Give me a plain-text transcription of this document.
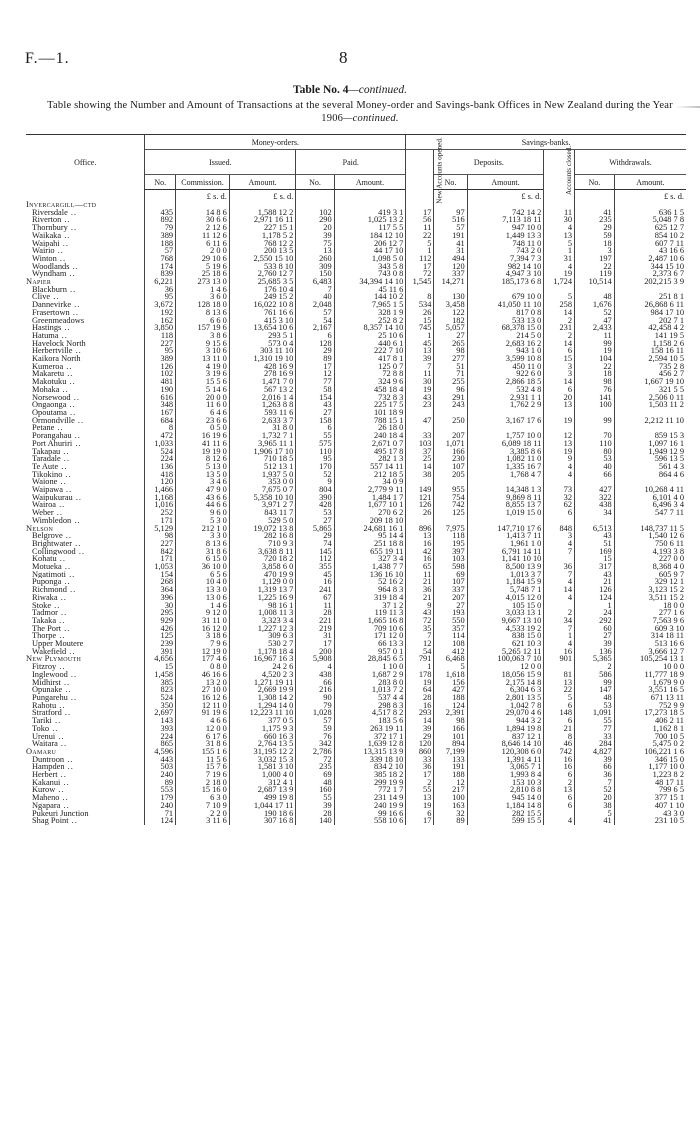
F.—1.	8
Table No. 4—continued.
Table showing the Number and Amount of Transactions at the several Money-order and Savings-bank Offices in New Zealand during the Year 1906—continued.
Office.	Money-orders.					Savings-banks.					
	Issued.			Paid.		New Accounts opened.	Deposits.		Accounts closed.	Withdrawals.	
	No.	Commission.	Amount.	No.	Amount.		No.	Amount.		No.	Amount.
		£ s. d.	£ s. d.					£ s. d.			£ s. d.
Invercargill—ctd											
Riversdale ..	435	14 8 6	1,588 12 2	102	419 3 1	17	97	742 14 2	11	41	636 1 5
Riverton ..	892	30 6 6	2,971 16 11	290	1,025 13 2	56	516	7,113 18 11	30	235	5,048 7 8
Thornbury ..	79	2 12 6	227 15 1	20	117 5 5	11	57	947 10 0	4	29	625 12 7
Waikaka ..	389	11 12 6	1,178 5 2	39	184 12 10	22	191	1,449 13 3	13	59	854 10 2
Waipahi ..	188	6 11 6	768 12 2	75	206 12 7	5	41	748 11 0	5	18	607 7 11
Wairio ..	57	2 0 0	200 13 5	13	44 17 10	1	31	743 2 0	1	3	43 16 6
Winton ..	768	29 10 6	2,550 15 10	260	1,098 5 0	112	494	7,394 7 3	31	197	2,487 10 6
Woodlands ..	174	5 19 6	533 8 10	309	343 5 8	17	120	982 14 10	4	22	344 15 10
Wyndham ..	839	25 18 6	2,760 12 7	150	743 0 8	72	337	4,947 3 10	19	119	2,373 6 7
Napier	6,221	273 13 0	25,685 3 5	6,483	34,394 14 10	1,545	14,271	185,173 6 8	1,724	10,514	202,215 3 9
Blackburn ..	36	1 4 6	176 10 4	7	45 11 6						
Clive ..	95	3 6 0	249 15 2	40	144 10 2	8	130	679 10 0	5	48	251 8 1
Dannevirke ..	3,672	128 18 0	16,022 10 8	2,048	7,965 1 5	534	3,458	41,050 11 10	258	1,676	26,868 6 11
Frasertown ..	192	8 13 6	761 16 6	57	328 1 9	26	122	817 0 8	14	52	984 17 10
Greenmeadows	162	6 6 0	415 3 10	54	252 8 2	15	182	533 13 0	2	47	202 7 1
Hastings ..	3,850	157 19 6	13,654 10 6	2,167	8,357 14 10	745	5,057	68,378 15 0	231	2,433	42,458 4 2
Hatuma ..	118	3 8 6	293 5 1	6	25 10 6	1	27	214 5 0	2	11	141 19 5
Havelock North	227	9 15 6	573 0 4	128	440 6 1	45	265	2,683 16 2	14	99	1,158 2 6
Herbertville ..	95	3 10 6	303 11 10	29	222 7 10	13	98	943 1 0	6	19	158 16 11
Kaikora North	389	13 11 0	1,310 19 10	89	417 8 1	39	277	3,599 10 8	15	104	2,594 10 5
Kumeroa ..	126	4 19 0	428 16 9	17	125 0 7	7	51	450 11 0	3	22	735 2 8
Makaretu ..	102	3 19 6	278 16 9	12	72 8 8	11	71	922 6 0	3	18	456 2 7
Makotuku ..	481	15 5 6	1,471 7 0	77	324 9 6	30	255	2,866 18 5	14	98	1,667 19 10
Mohaka ..	190	5 14 6	567 13 2	58	458 18 4	19	96	532 4 8	6	76	321 5 5
Norsewood ..	616	20 0 0	2,016 1 4	154	732 8 3	43	291	2,931 1 1	20	141	2,506 0 11
Ongaonga ..	348	11 6 0	1,263 8 8	43	225 17 5	23	243	1,762 2 9	13	100	1,503 11 2
Opoutama ..	167	6 4 6	593 11 6	27	101 18 9						
Ormondville ..	684	23 6 6	2,633 3 7	158	788 15 1	47	250	3,167 17 6	19	99	2,212 11 10
Petane ..	8	0 5 0	31 8 0	6	26 18 0						
Porangahau ..	472	16 19 6	1,732 7 1	55	240 18 4	33	207	1,757 10 0	12	70	859 15 3
Port Ahuriri ..	1,033	41 11 6	3,965 11 1	575	2,671 0 7	103	1,071	6,089 18 11	13	110	1,097 16 1
Takapau ..	524	19 19 0	1,906 17 10	110	495 17 8	37	166	3,385 8 6	19	80	1,949 12 9
Taradale ..	224	8 12 6	710 18 5	95	282 1 3	25	230	1,082 11 0	9	53	596 13 5
Te Aute ..	136	5 13 0	512 13 1	170	557 14 11	14	107	1,335 16 7	4	40	561 4 3
Tikokino ..	418	13 5 0	1,937 5 0	52	212 18 5	38	205	1,768 4 7	4	66	864 4 6
Waione ..	120	3 4 6	353 0 0	9	34 0 9						
Waipawa ..	1,466	47 9 0	7,675 0 7	804	2,779 9 11	149	955	14,348 1 3	73	427	10,268 4 11
Waipukurau ..	1,168	43 6 6	5,358 10 10	390	1,484 1 7	121	754	9,869 8 11	32	322	6,101 4 0
Wairoa ..	1,016	44 6 6	3,971 2 7	428	1,677 10 1	126	742	8,855 13 7	62	438	6,496 3 4
Weber ..	252	9 6 0	843 11 7	53	270 6 2	26	125	1,019 15 0	6	34	547 7 11
Wimbledon ..	171	5 3 0	529 5 0	27	209 18 10						
Nelson	5,129	212 1 0	19,072 13 8	5,865	24,681 16 1	896	7,975	147,710 17 6	848	6,513	148,737 11 5
Belgrove ..	98	3 3 0	282 16 8	29	95 14 4	13	118	1,413 7 11	3	43	1,540 12 6
Brightwater ..	227	8 13 6	710 9 3	74	251 18 8	16	195	1,961 1 0	4	51	750 6 11
Collingwood ..	842	31 8 6	3,638 8 11	145	655 19 11	42	397	6,791 14 11	7	169	4,193 3 8
Kohatu ..	171	6 15 0	720 18 2	112	327 3 4	16	103	1,141 10 10		15	227 0 0
Motueka ..	1,053	36 10 0	3,858 6 0	355	1,438 7 7	65	598	8,500 13 9	36	317	8,368 4 0
Ngatimoti ..	154	6 5 6	470 19 9	45	136 16 10	11	69	1,013 3 7	7	43	605 9 7
Puponga ..	268	10 4 0	1,129 0 0	16	52 16 2	21	107	1,184 15 9	4	21	329 12 1
Richmond ..	364	13 3 0	1,319 13 7	241	964 8 3	36	337	5,748 7 1	14	126	3,123 15 2
Riwaka ..	396	13 0 6	1,225 16 9	67	319 18 4	21	207	4,015 12 0	4	124	3,511 15 2
Stoke ..	30	1 4 6	98 16 1	11	37 1 2	9	27	105 15 0		1	18 0 0
Tadmor ..	295	9 12 0	1,008 11 3	28	119 11 3	43	193	3,033 13 1	2	24	277 1 6
Takaka ..	929	31 11 0	3,323 3 4	221	1,665 16 8	72	550	9,667 13 10	34	292	7,563 9 6
The Port ..	426	16 12 0	1,227 12 3	219	709 10 6	35	357	4,533 19 2	7	60	609 3 10
Thorpe ..	125	3 18 6	309 6 3	31	171 12 0	7	114	838 15 0	1	27	314 18 11
Upper Moutere	239	7 9 6	530 2 7	17	66 13 3	12	108	621 10 3	4	39	513 16 6
Wakefield ..	391	12 19 0	1,178 18 4	200	957 0 1	54	412	5,265 12 11	16	136	3,666 12 7
New Plymouth	4,656	177 4 6	16,967 16 3	5,908	28,845 6 5	791	6,468	100,063 7 10	901	5,365	105,254 13 1
Fitzroy ..	15	0 8 0	24 2 6	4	1 10 0	1	5	12 0 0		2	10 0 0
Inglewood ..	1,458	46 16 6	4,520 2 3	438	1,687 2 9	178	1,618	18,056 15 9	81	586	11,777 18 9
Midhirst ..	385	13 2 0	1,271 19 11	66	283 8 0	19	156	2,175 14 8	13	99	1,679 9 0
Opunake ..	823	27 10 0	2,669 19 9	216	1,013 7 2	64	427	6,304 6 3	22	147	3,551 16 5
Pungarehu ..	524	16 12 6	1,308 14 2	90	537 4 4	28	188	2,801 13 5	5	48	671 13 11
Rahotu ..	350	12 11 0	1,294 14 0	79	298 8 3	16	124	1,042 7 8	6	53	752 9 9
Stratford ..	2,697	91 19 6	12,223 11 10	1,028	4,517 8 2	293	2,391	29,070 4 6	148	1,091	17,273 18 5
Tariki ..	143	4 6 6	377 0 5	57	183 5 6	14	98	944 3 2	6	55	406 2 11
Toko ..	393	12 0 0	1,175 9 3	59	263 19 11	39	166	1,894 19 8	21	77	1,162 8 1
Urenui ..	224	6 17 6	660 16 3	76	372 17 1	29	101	837 12 1	8	33	700 10 5
Waitara ..	865	31 8 6	2,764 13 5	342	1,639 12 8	120	894	8,646 14 10	46	284	5,475 0 2
Oamaru	4,596	155 1 6	31,195 12 2	2,786	13,315 13 9	860	7,199	120,308 6 0	742	4,827	106,221 1 6
Duntroon ..	443	11 5 6	3,032 15 3	72	339 18 10	33	133	1,391 4 11	16	39	346 15 0
Hampden ..	503	15 7 6	1,581 3 10	235	834 2 10	36	191	3,065 7 1	16	66	1,177 10 0
Herbert ..	240	7 19 6	1,000 4 0	69	385 18 2	17	188	1,993 8 4	6	36	1,223 8 2
Kakanui ..	89	2 18 0	312 4 1	48	299 19 9	2	12	153 10 3	2	7	48 17 11
Kurow ..	553	15 16 0	2,687 13 9	160	772 1 7	55	217	2,810 8 8	13	52	799 6 5
Maheno ..	179	6 3 0	499 19 8	55	231 14 9	13	100	945 14 0	6	20	377 15 1
Ngapara ..	240	7 10 9	1,044 17 11	39	240 19 9	19	163	1,184 14 8	6	38	407 1 10
Pukeuri Junction	71	2 2 0	190 18 6	28	99 16 6	6	32	282 15 5		5	43 3 0
Shag Point ..	124	3 11 6	307 16 8	140	558 10 6	17	89	599 15 5	4	41	231 10 5
